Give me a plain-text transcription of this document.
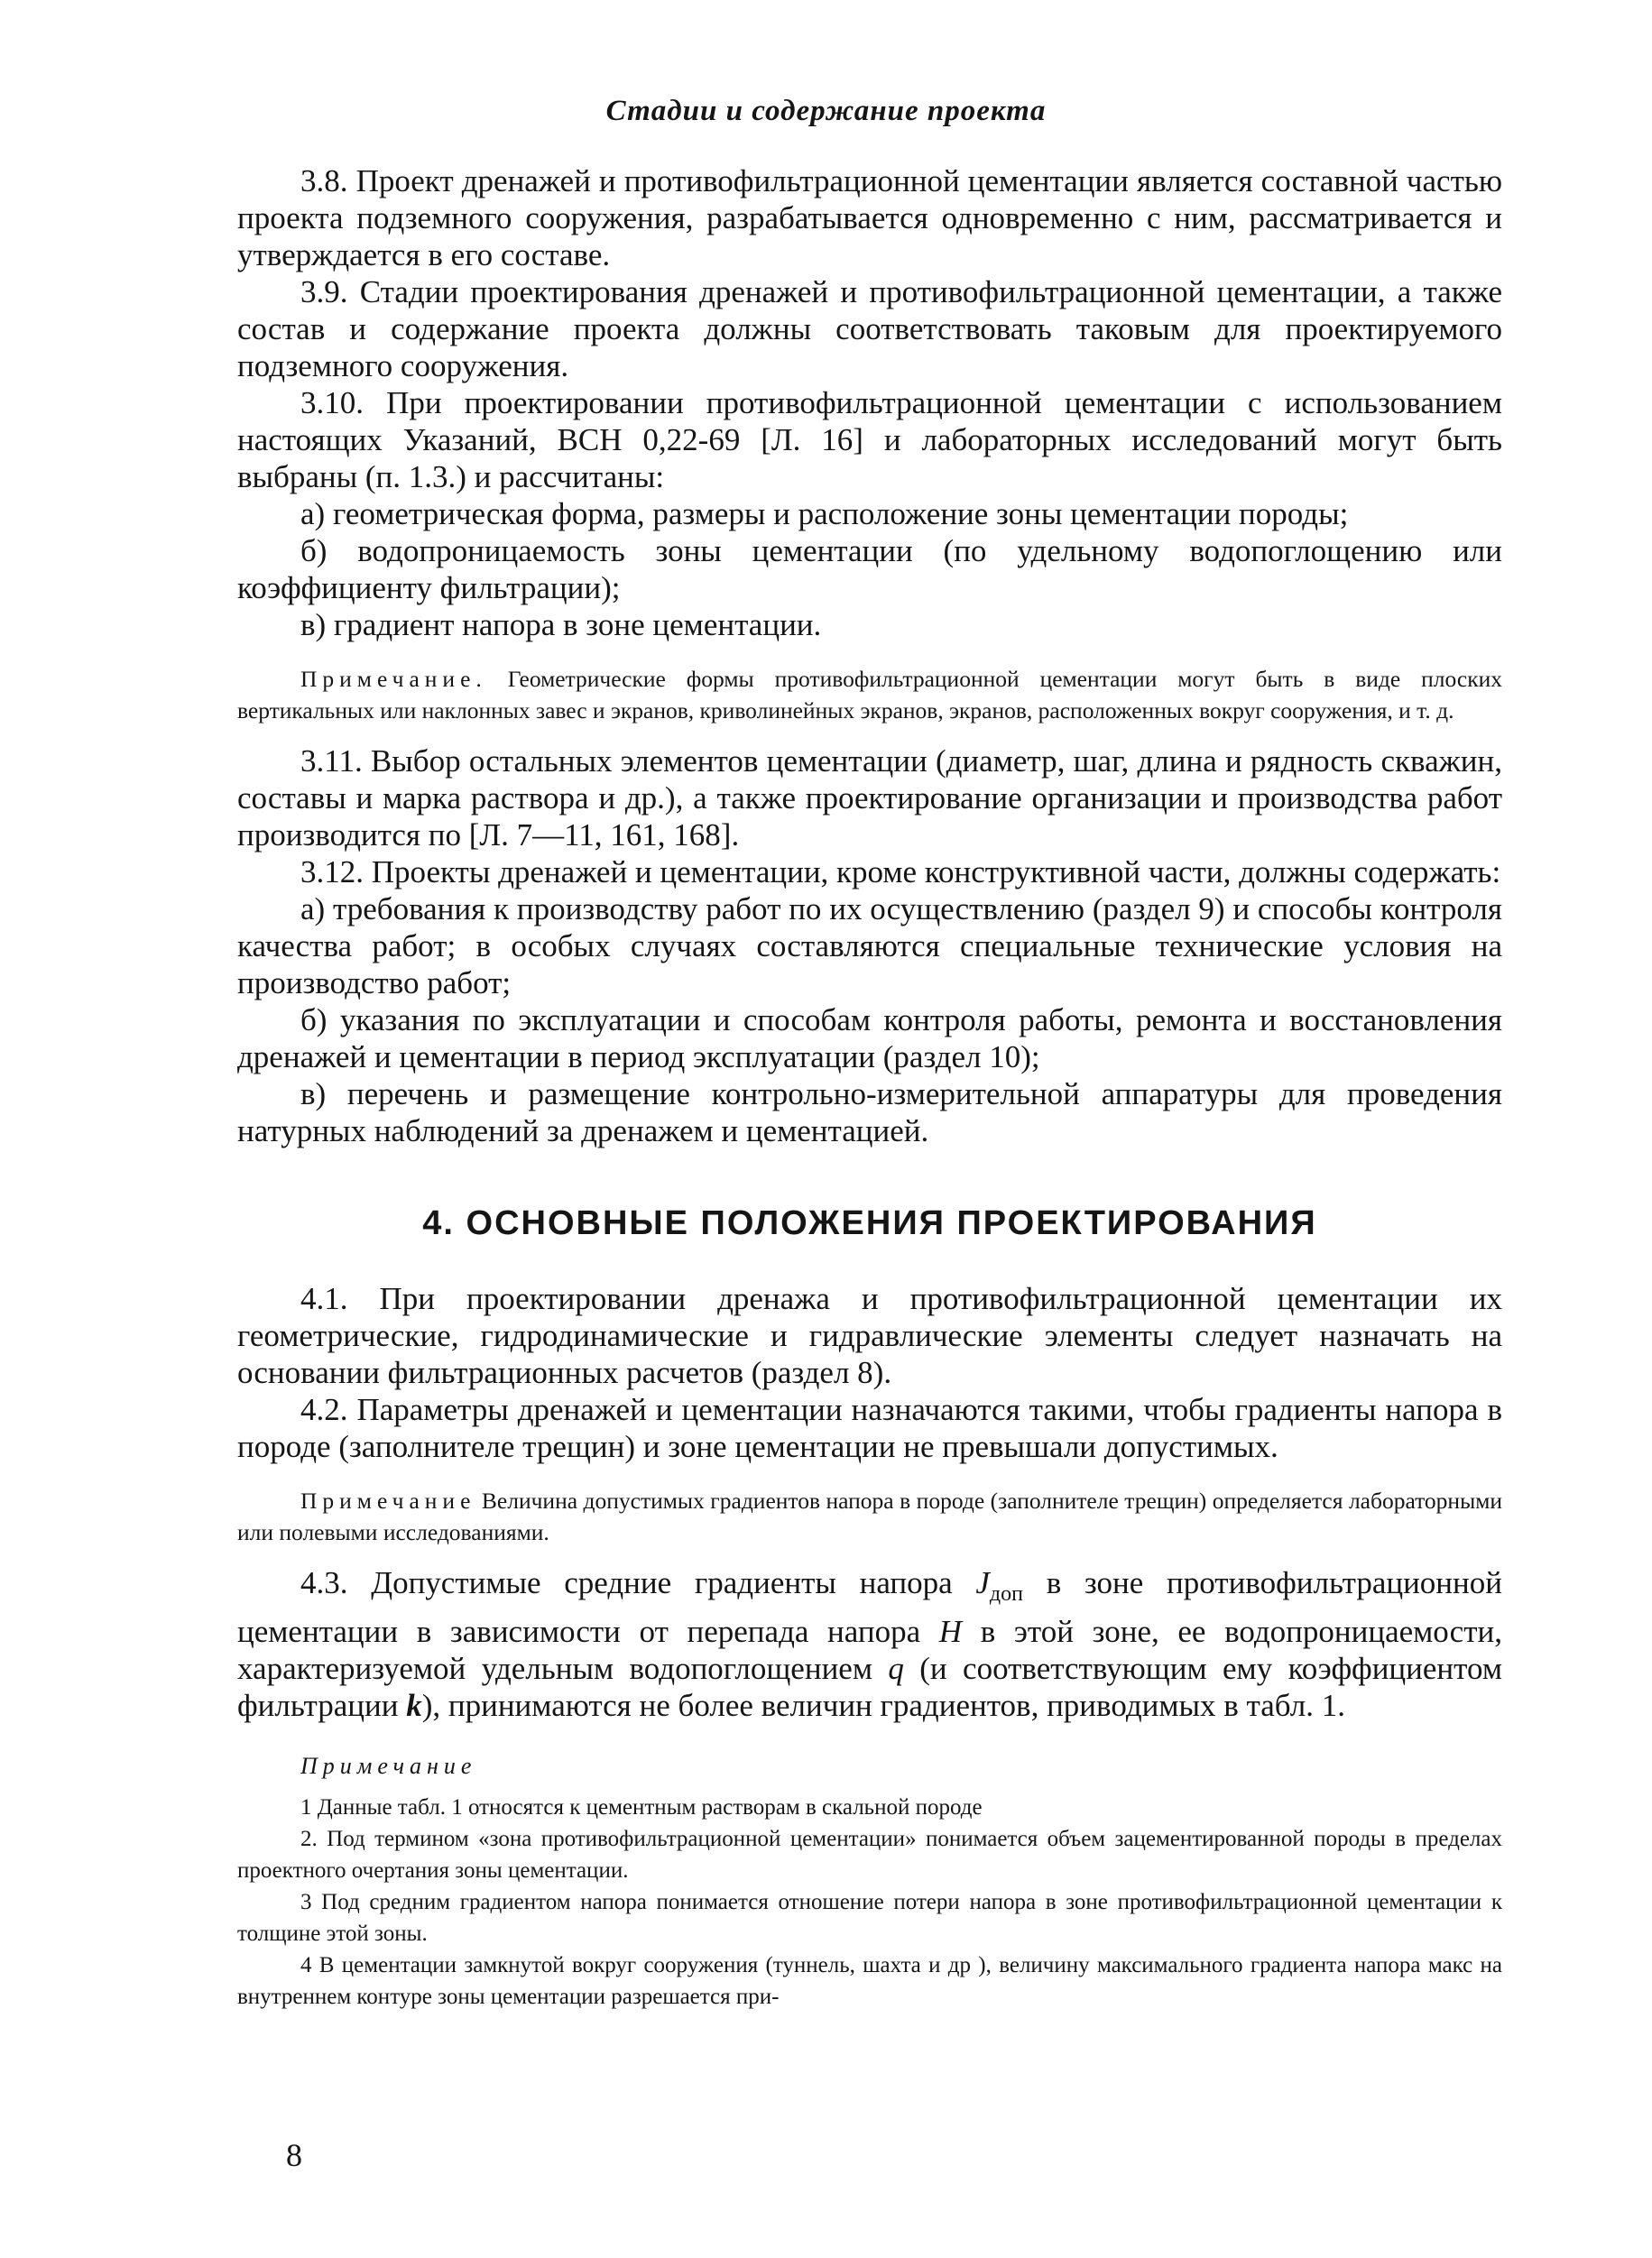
Стадии и содержание проекта

3.8. Проект дренажей и противофильтрационной цементации является составной частью проекта подземного сооружения, разрабатывается одновременно с ним, рассматривается и утверждается в его составе.

3.9. Стадии проектирования дренажей и противофильтрационной цементации, а также состав и содержание проекта должны соответствовать таковым для проектируемого подземного сооружения.

3.10. При проектировании противофильтрационной цементации с использованием настоящих Указаний, ВСН 0,22-69 [Л. 16] и лабораторных исследований могут быть выбраны (п. 1.3.) и рассчитаны:

а) геометрическая форма, размеры и расположение зоны цементации породы;

б) водопроницаемость зоны цементации (по удельному водопоглощению или коэффициенту фильтрации);

в) градиент напора в зоне цементации.

Примечание. Геометрические формы противофильтрационной цементации могут быть в виде плоских вертикальных или наклонных завес и экранов, криволинейных экранов, экранов, расположенных вокруг сооружения, и т. д.

3.11. Выбор остальных элементов цементации (диаметр, шаг, длина и рядность скважин, составы и марка раствора и др.), а также проектирование организации и производства работ производится по [Л. 7—11, 161, 168].

3.12. Проекты дренажей и цементации, кроме конструктивной части, должны содержать:

а) требования к производству работ по их осуществлению (раздел 9) и способы контроля качества работ; в особых случаях составляются специальные технические условия на производство работ;

б) указания по эксплуатации и способам контроля работы, ремонта и восстановления дренажей и цементации в период эксплуатации (раздел 10);

в) перечень и размещение контрольно-измерительной аппаратуры для проведения натурных наблюдений за дренажем и цементацией.

4. ОСНОВНЫЕ ПОЛОЖЕНИЯ ПРОЕКТИРОВАНИЯ

4.1. При проектировании дренажа и противофильтрационной цементации их геометрические, гидродинамические и гидравлические элементы следует назначать на основании фильтрационных расчетов (раздел 8).

4.2. Параметры дренажей и цементации назначаются такими, чтобы градиенты напора в породе (заполнителе трещин) и зоне цементации не превышали допустимых.

Примечание Величина допустимых градиентов напора в породе (заполнителе трещин) определяется лабораторными или полевыми исследованиями.

4.3. Допустимые средние градиенты напора $J_{доп}$ в зоне противофильтрационной цементации в зависимости от перепада напора H в этой зоне, ее водопроницаемости, характеризуемой удельным водопоглощением q (и соответствующим ему коэффициентом фильтрации k), принимаются не более величин градиентов, приводимых в табл. 1.

Примечание

1 Данные табл. 1 относятся к цементным растворам в скальной породе

2. Под термином «зона противофильтрационной цементации» понимается объем зацементированной породы в пределах проектного очертания зоны цементации.

3 Под средним градиентом напора понимается отношение потери напора в зоне противофильтрационной цементации к толщине этой зоны.

4 В цементации замкнутой вокруг сооружения (туннель, шахта и др ), величину максимального градиента напора макс на внутреннем контуре зоны цементации разрешается при-

8
